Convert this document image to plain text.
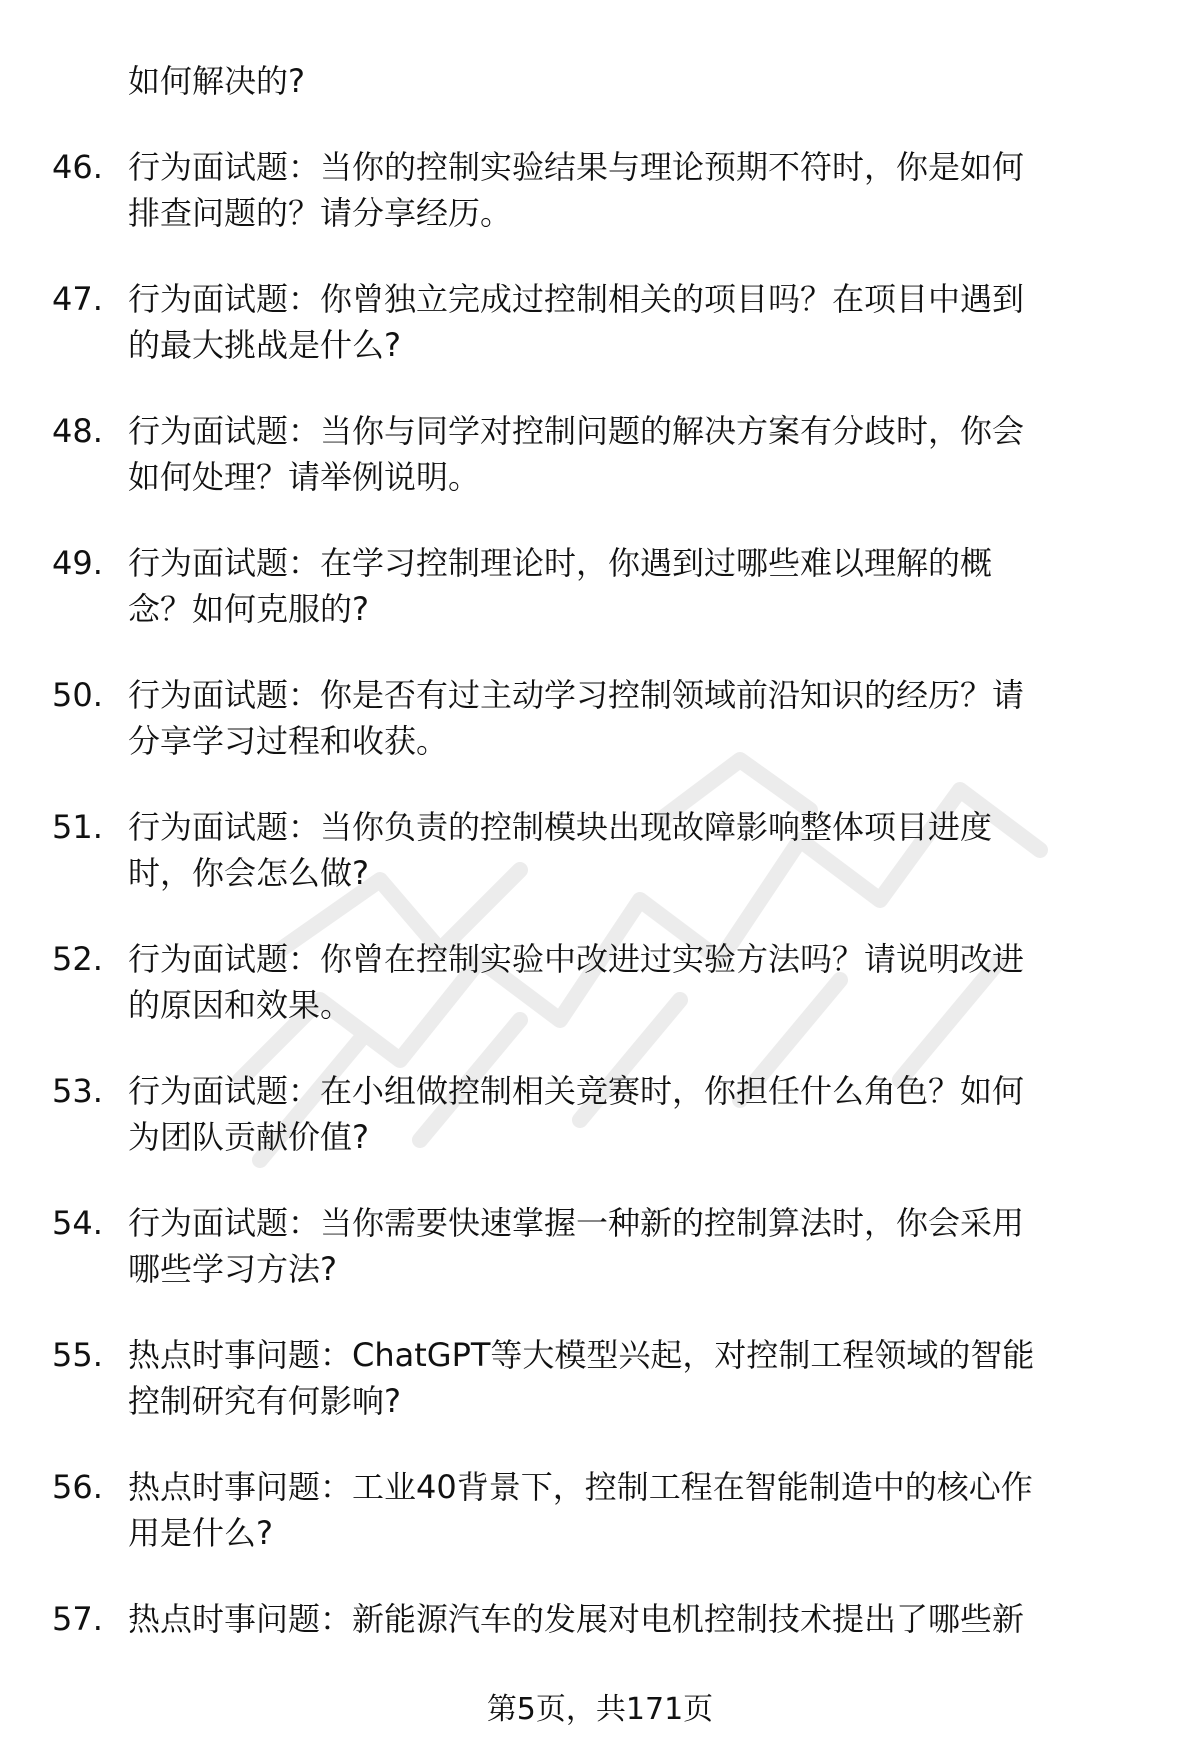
如何解决的?
46. 行为面试题：当你的控制实验结果与理论预期不符时，你是如何
排查问题的？请分享经历。
47. 行为面试题：你曾独立完成过控制相关的项目吗？在项目中遇到
的最大挑战是什么?
48. 行为面试题：当你与同学对控制问题的解决方案有分歧时，你会
如何处理？请举例说明。
49. 行为面试题：在学习控制理论时，你遇到过哪些难以理解的概
念？如何克服的?
50. 行为面试题：你是否有过主动学习控制领域前沿知识的经历？请
分享学习过程和收获。
51. 行为面试题：当你负责的控制模块出现故障影响整体项目进度
时，你会怎么做?
52. 行为面试题：你曾在控制实验中改进过实验方法吗？请说明改进
的原因和效果。
53. 行为面试题：在小组做控制相关竞赛时，你担任什么角色？如何
为团队贡献价值?
54. 行为面试题：当你需要快速掌握一种新的控制算法时，你会采用
哪些学习方法?
55. 热点时事问题：ChatGPT等大模型兴起，对控制工程领域的智能
控制研究有何影响?
56. 热点时事问题：工业40背景下，控制工程在智能制造中的核心作
用是什么?
57. 热点时事问题：新能源汽车的发展对电机控制技术提出了哪些新
第5页，共171页
